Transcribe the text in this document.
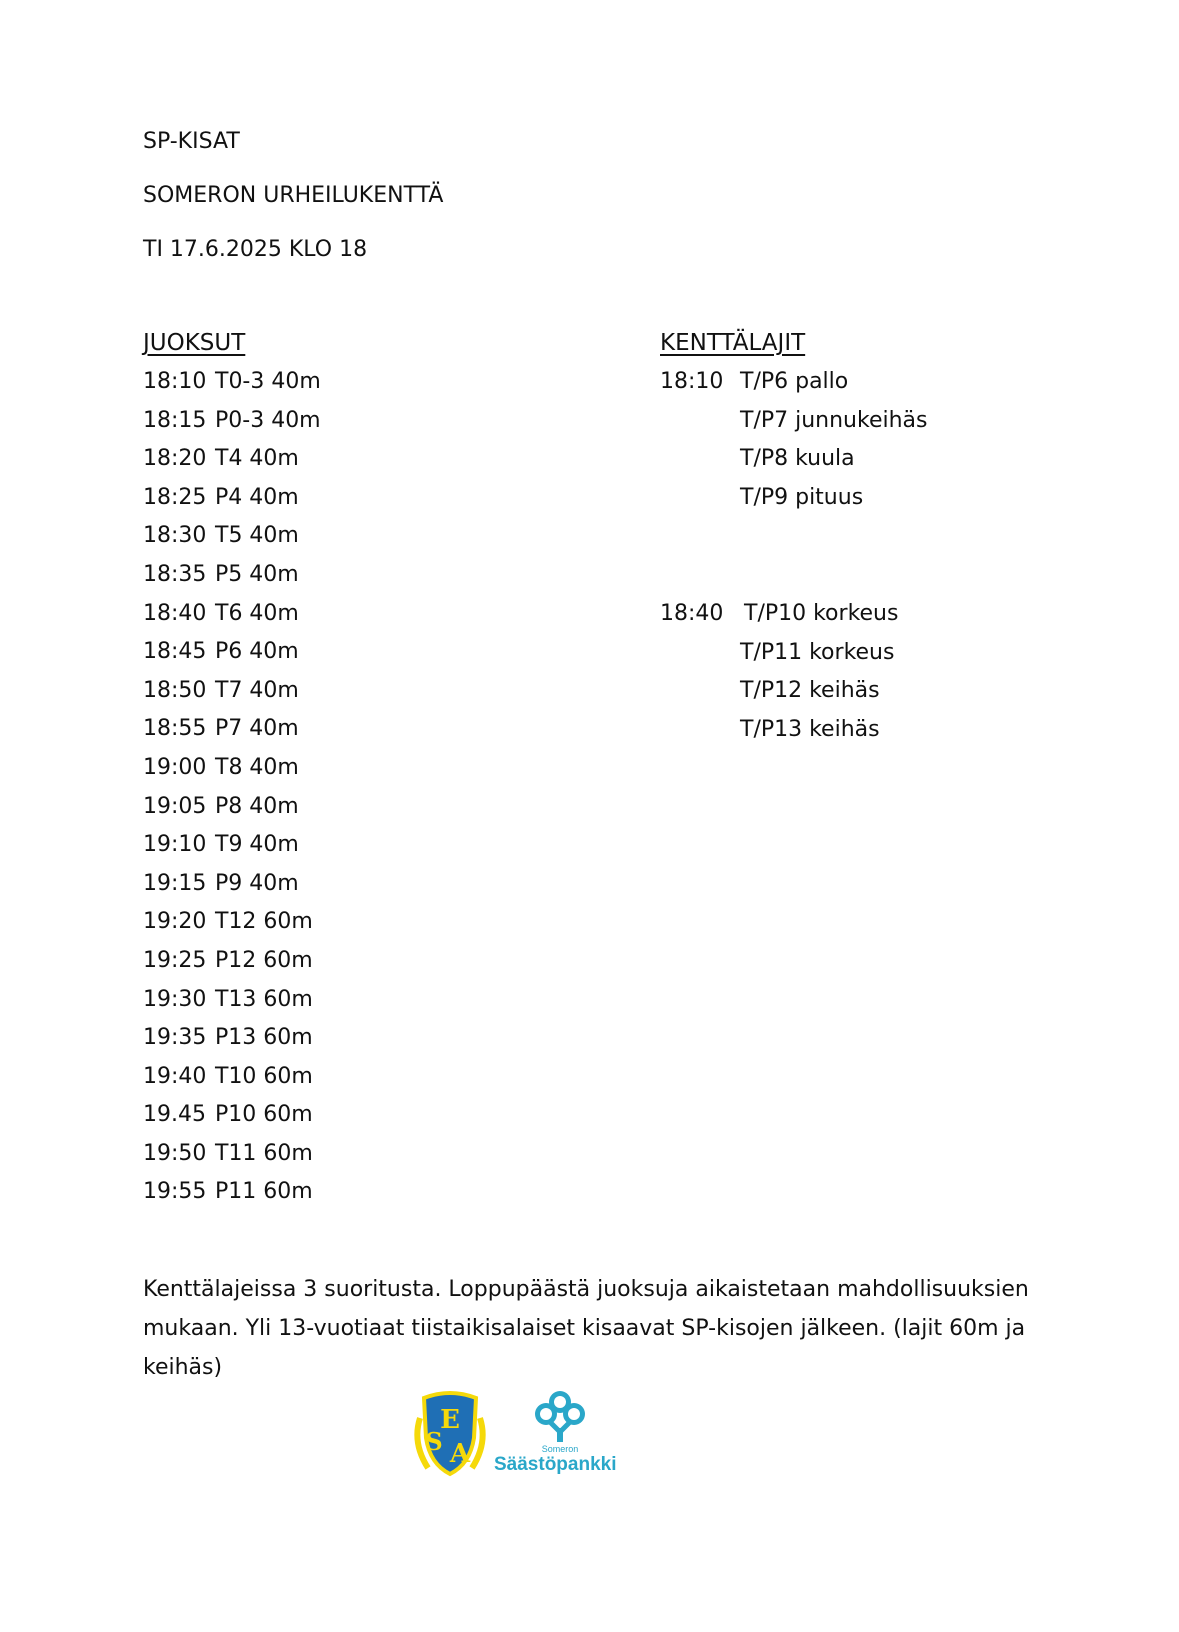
SP-KISAT
SOMERON URHEILUKENTTÄ
TI 17.6.2025 KLO 18
JUOKSUT	KENTTÄLAJIT
18:10 T0-3 40m
18:15 P0-3 40m
18:20 T4 40m
18:25 P4 40m
18:30 T5 40m
18:35 P5 40m
18:40 T6 40m
18:45 P6 40m
18:50 T7 40m
18:55 P7 40m
19:00 T8 40m
19:05 P8 40m
19:10 T9 40m
19:15 P9 40m
19:20 T12 60m
19:25 P12 60m
19:30 T13 60m
19:35 P13 60m
19:40 T10 60m
19.45 P10 60m
19:50 T11 60m
19:55 P11 60m
18:10 T/P6 pallo
T/P7 junnukeihäs
T/P8 kuula
T/P9 pituus
18:40 T/P10 korkeus
T/P11 korkeus
T/P12 keihäs
T/P13 keihäs

Kenttälajeissa 3 suoritusta. Loppupäästä juoksuja aikaistetaan mahdollisuuksien mukaan. Yli 13-vuotiaat tiistaikisalaiset kisaavat SP-kisojen jälkeen. (lajit 60m ja keihäs)

E
S A	Someron
Säästöpankki
